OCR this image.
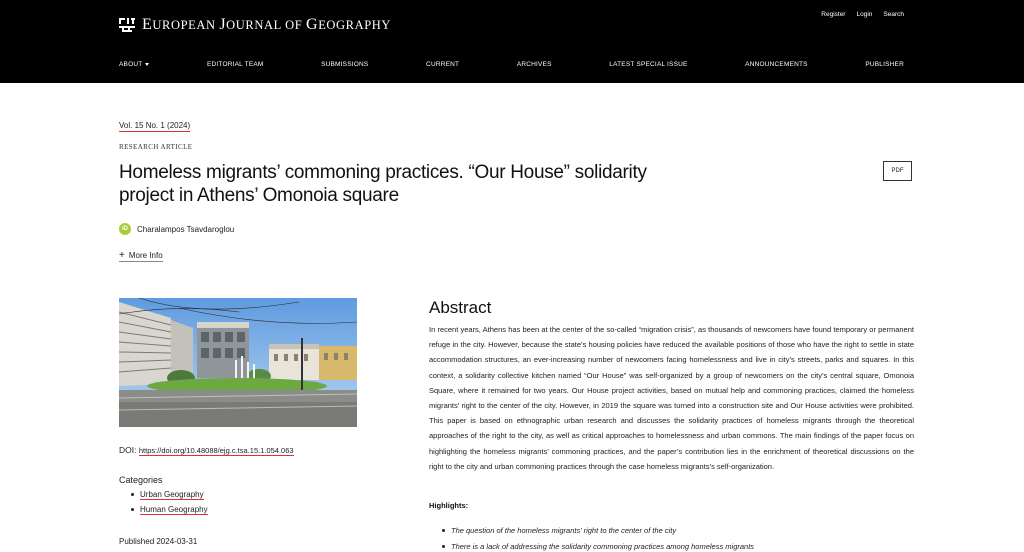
EUROPEAN JOURNAL OF GEOGRAPHY
Register Login Search
ABOUT	EDITORIAL TEAM	SUBMISSIONS	CURRENT	ARCHIVES	LATEST SPECIAL ISSUE	ANNOUNCEMENTS	PUBLISHER
Vol. 15 No. 1 (2024)
RESEARCH ARTICLE
Homeless migrants’ commoning practices. “Our House” solidarity project in Athens’ Omonoia square
PDF
iD	Charalampos Tsavdaroglou
+ More Info
DOI: https://doi.org/10.48088/ejg.c.tsa.15.1.054.063
Categories
Urban Geography
Human Geography
Published 2024-03-31
Abstract

In recent years, Athens has been at the center of the so-called “migration crisis”, as thousands of newcomers have found temporary or permanent refuge in the city. However, because the state’s housing policies have reduced the available positions of those who have the right to settle in state accommodation structures, an ever-increasing number of newcomers facing homelessness and live in city’s streets, parks and squares. In this context, a solidarity collective kitchen named “Our House” was self-organized by a group of newcomers on the city’s central square, Omonoia Square, where it remained for two years. Our House project activities, based on mutual help and commoning practices, claimed the homeless migrants’ right to the center of the city. However, in 2019 the square was turned into a construction site and Our House activities were prohibited. This paper is based on ethnographic urban research and discusses the solidarity practices of homeless migrants through the theoretical approaches of the right to the city, as well as critical approaches to homelessness and urban commons. The main findings of the paper focus on highlighting the homeless migrants’ commoning practices, and the paper’s contribution lies in the enrichment of theoretical discussions on the right to the city and urban commoning practices through the case homeless migrants’s self-organization.

Highlights:
The question of the homeless migrants’ right to the center of the city
There is a lack of addressing the solidarity commoning practices among homeless migrants
